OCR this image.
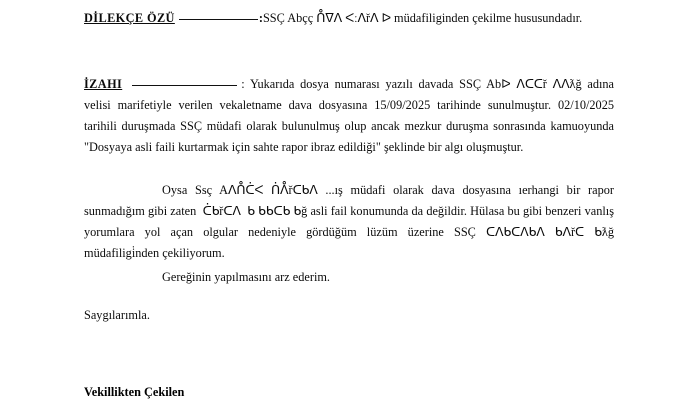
DİLEKÇE ÖZÜ	:SSÇ Abçç ᑍᐁᐱ ᐸːᐱřᐱ ᐅ müdafiliginden çekilme hususundadır.
İZAHI	: Yukarıda dosya numarası yazılı davada SSÇ Abᐅ ᐱᑕᑕř ᐱᐱƛğ adına velisi marifetiyle verilen vekaletname dava dosyasına 15/09/2025 tarihinde sunulmuştur. 02/10/2025 tarihili duruşmada SSÇ müdafi olarak bulunulmuş olup ancak mezkur duruşma sonrasında kamuoyunda "Dosyaya asli faili kurtarmak için sahte rapor ibraz edildiği" şeklinde bir algı oluşmuştur.
Oysa Ssç Aᐱᑍᑖᐸ ᑏᐰřᑕᑲᐱ ...ış müdafi olarak dava dosyasına ıerhangi bir rapor sunmadığım gibi zaten  ᑖᑲřᑕᐱ  ᑲ ᑲᑲᑕᑲ ᑲğ asli fail konumunda da değildir. Hülasa bu gibi benzeri vanlış yorumlara yol açan olgular nedeniyle gördüğüm lüzüm üzerine SSÇ ᑕᐱᑲᑕᐱᑲᐱ ᑲᐱřᑕ ᑲƛğ müdafiligi̇nden çekiliyorum.
Gereğinin yapılmasını arz ederim.
Saygılarımla.
Vekillikten Çekilen
